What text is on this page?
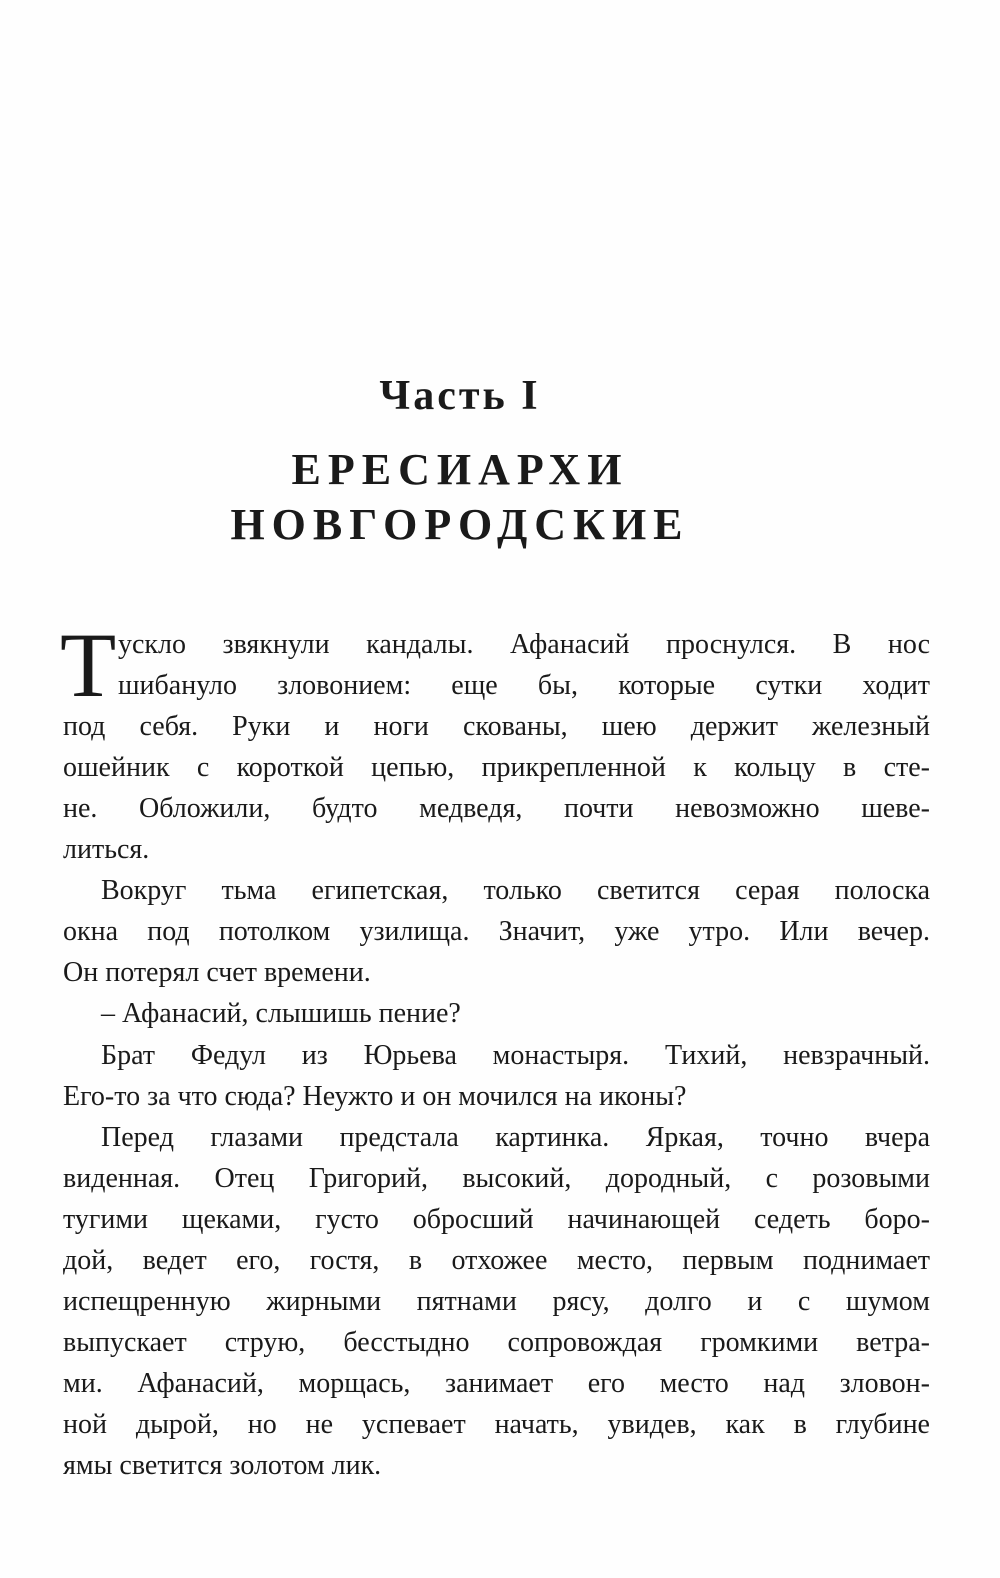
Часть I
ЕРЕСИАРХИ
НОВГОРОДСКИЕ
Т ускло звякнули кандалы. Афанасий проснулся. В нос
шибануло зловонием: еще бы, которые сутки ходит
под себя. Руки и ноги скованы, шею держит железный
ошейник с короткой цепью, прикрепленной к кольцу в сте-
не. Обложили, будто медведя, почти невозможно шеве-
литься.
Вокруг тьма египетская, только светится серая полоска
окна под потолком узилища. Значит, уже утро. Или вечер.
Он потерял счет времени.
– Афанасий, слышишь пение?
Брат Федул из Юрьева монастыря. Тихий, невзрачный.
Его-то за что сюда? Неужто и он мочился на иконы?
Перед глазами предстала картинка. Яркая, точно вчера
виденная. Отец Григорий, высокий, дородный, с розовыми
тугими щеками, густо обросший начинающей седеть боро-
дой, ведет его, гостя, в отхожее место, первым поднимает
испещренную жирными пятнами рясу, долго и с шумом
выпускает струю, бесстыдно сопровождая громкими ветра-
ми. Афанасий, морщась, занимает его место над зловон-
ной дырой, но не успевает начать, увидев, как в глубине
ямы светится золотом лик.
